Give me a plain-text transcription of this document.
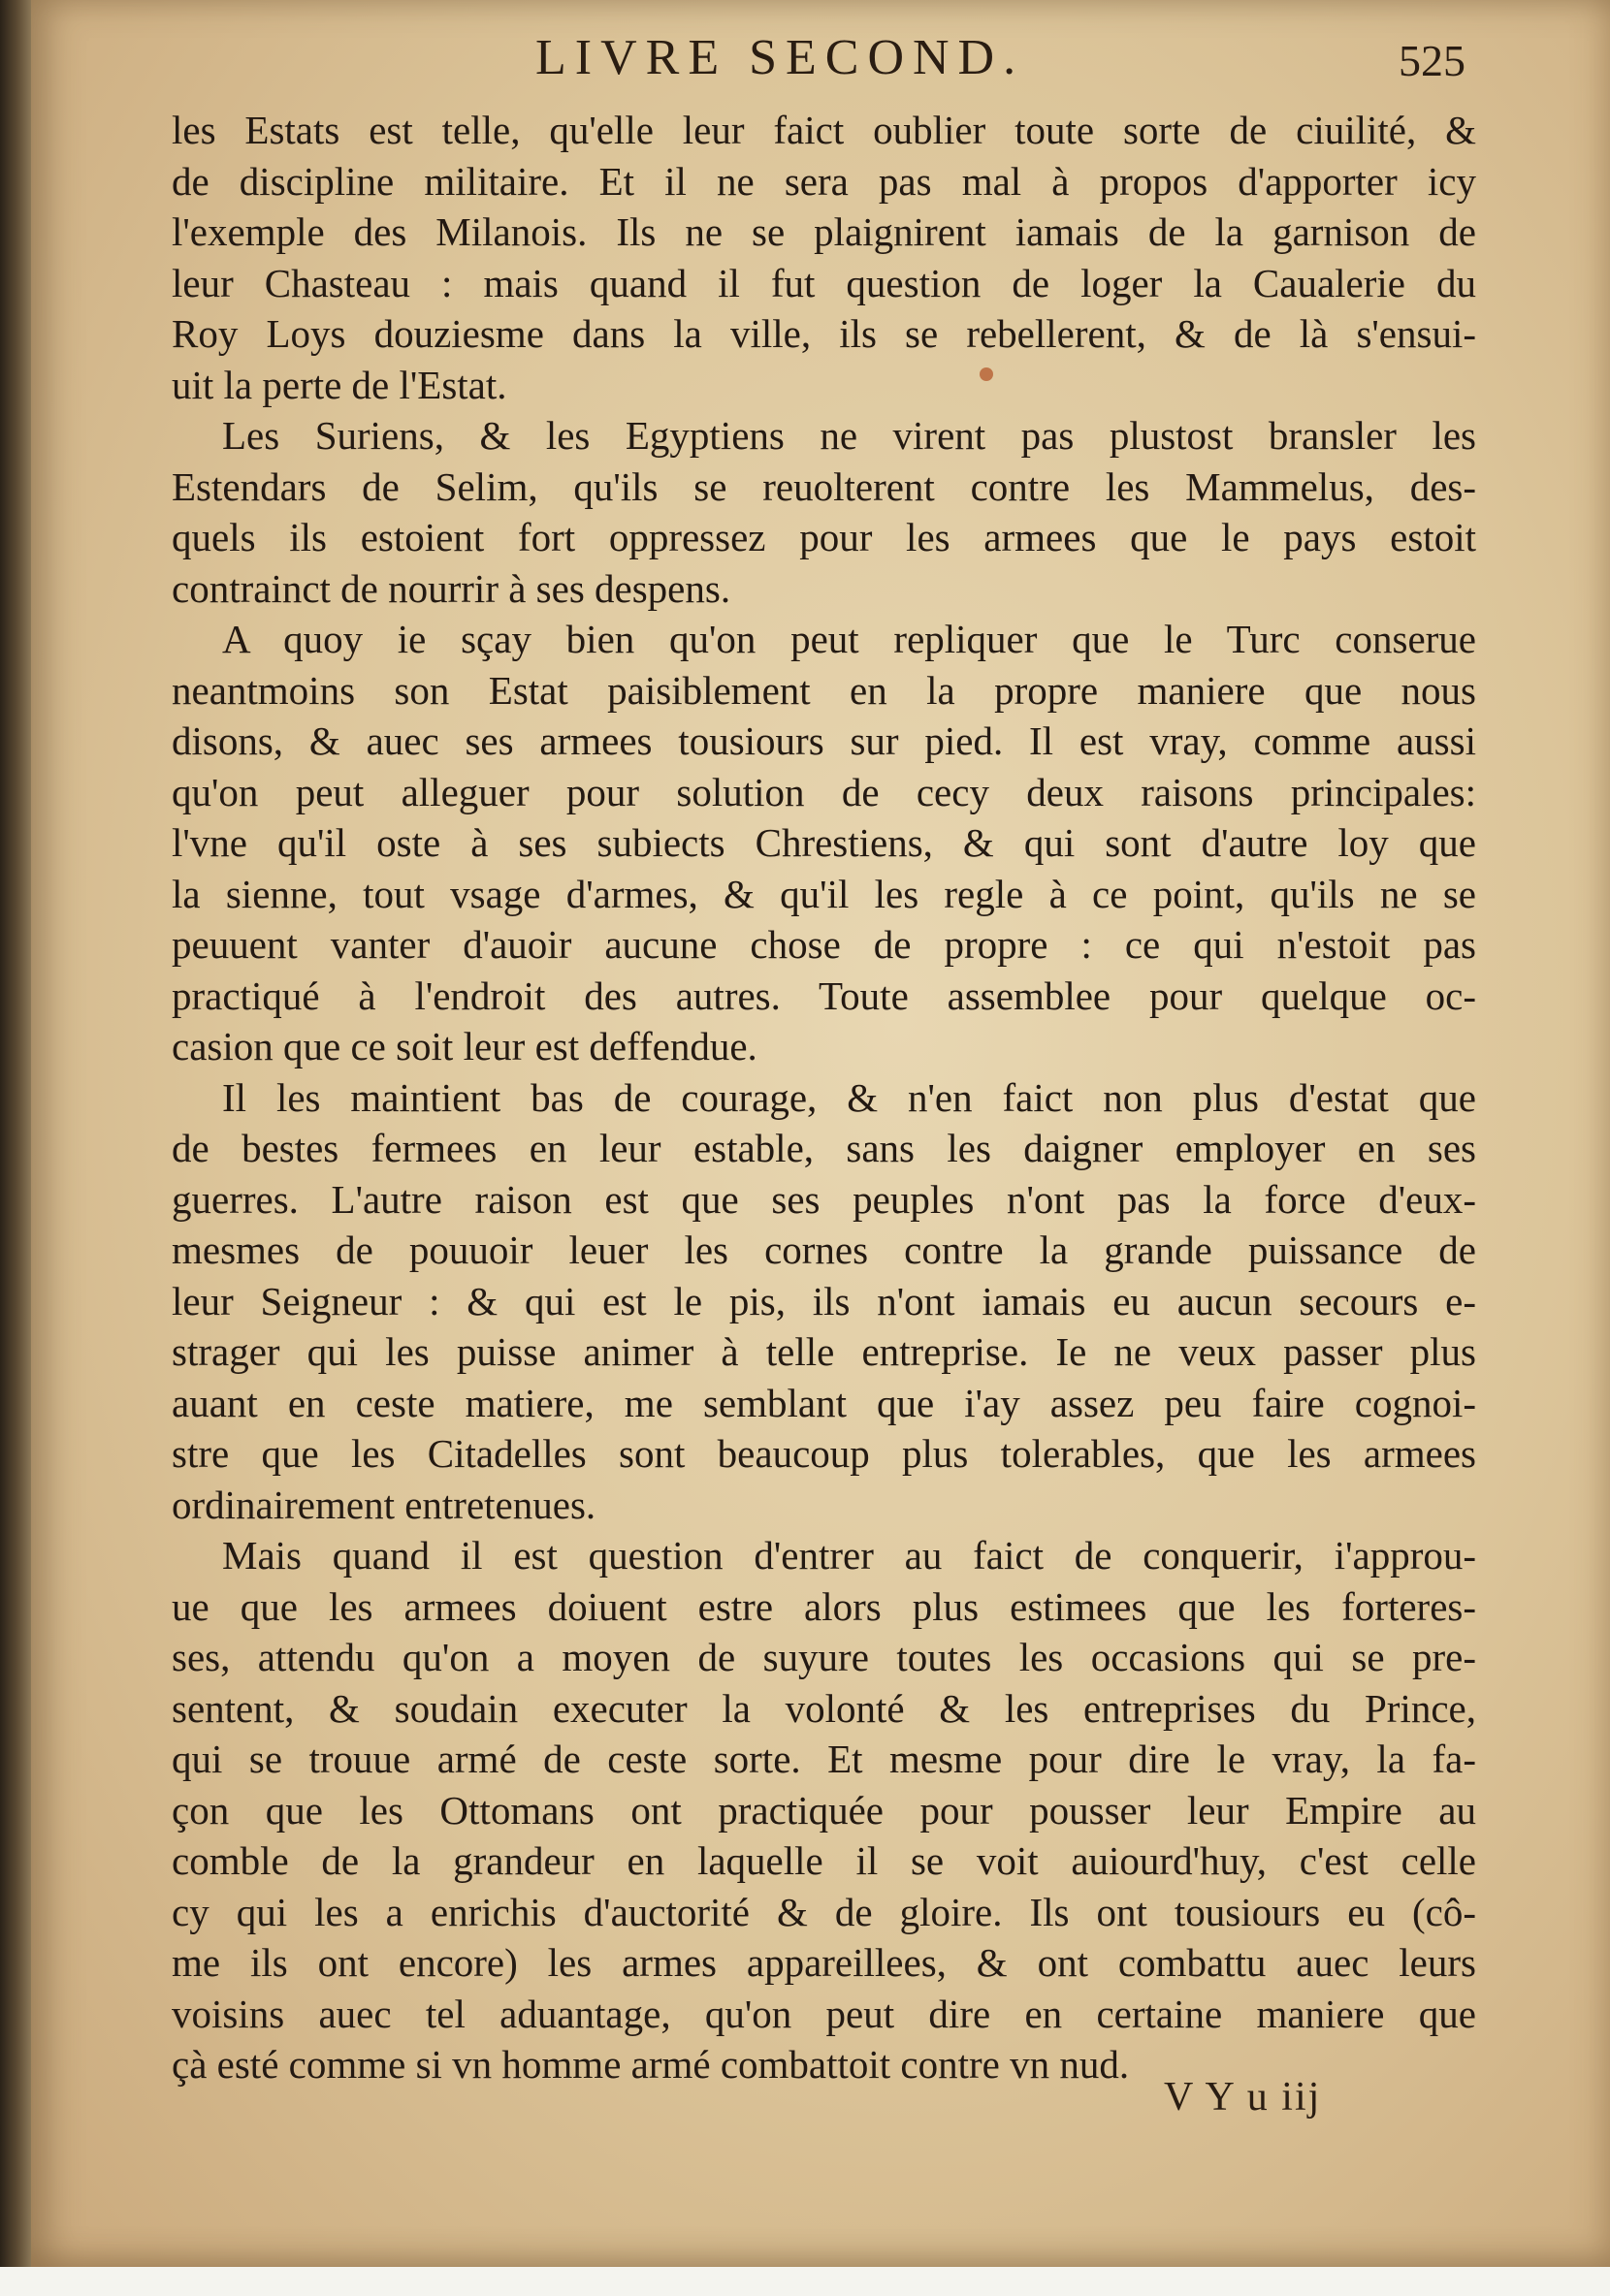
LIVRE SECOND.	525
les Estats est telle, qu'elle leur faict oublier toute sorte de ciuilité, &
de discipline militaire. Et il ne sera pas mal à propos d'apporter icy
l'exemple des Milanois. Ils ne se plaignirent iamais de la garnison de
leur Chasteau : mais quand il fut question de loger la Caualerie du
Roy Loys douziesme dans la ville, ils se rebellerent, & de là s'ensui-
uit la perte de l'Estat.
Les Suriens, & les Egyptiens ne virent pas plustost bransler les
Estendars de Selim, qu'ils se reuolterent contre les Mammelus, des-
quels ils estoient fort oppressez pour les armees que le pays estoit
contrainct de nourrir à ses despens.
A quoy ie sçay bien qu'on peut repliquer que le Turc conserue
neantmoins son Estat paisiblement en la propre maniere que nous
disons, & auec ses armees tousiours sur pied. Il est vray, comme aussi
qu'on peut alleguer pour solution de cecy deux raisons principales:
l'vne qu'il oste à ses subiects Chrestiens, & qui sont d'autre loy que
la sienne, tout vsage d'armes, & qu'il les regle à ce point, qu'ils ne se
peuuent vanter d'auoir aucune chose de propre : ce qui n'estoit pas
practiqué à l'endroit des autres. Toute assemblee pour quelque oc-
casion que ce soit leur est deffendue.
Il les maintient bas de courage, & n'en faict non plus d'estat que
de bestes fermees en leur estable, sans les daigner employer en ses
guerres. L'autre raison est que ses peuples n'ont pas la force d'eux-
mesmes de pouuoir leuer les cornes contre la grande puissance de
leur Seigneur : & qui est le pis, ils n'ont iamais eu aucun secours e-
strager qui les puisse animer à telle entreprise. Ie ne veux passer plus
auant en ceste matiere, me semblant que i'ay assez peu faire cognoi-
stre que les Citadelles sont beaucoup plus tolerables, que les armees
ordinairement entretenues.
Mais quand il est question d'entrer au faict de conquerir, i'approu-
ue que les armees doiuent estre alors plus estimees que les forteres-
ses, attendu qu'on a moyen de suyure toutes les occasions qui se pre-
sentent, & soudain executer la volonté & les entreprises du Prince,
qui se trouue armé de ceste sorte. Et mesme pour dire le vray, la fa-
çon que les Ottomans ont practiquée pour pousser leur Empire au
comble de la grandeur en laquelle il se voit auiourd'huy, c'est celle
cy qui les a enrichis d'auctorité & de gloire. Ils ont tousiours eu (cô-
me ils ont encore) les armes appareillees, & ont combattu auec leurs
voisins auec tel aduantage, qu'on peut dire en certaine maniere que
çà esté comme si vn homme armé combattoit contre vn nud.
V Y u iij
